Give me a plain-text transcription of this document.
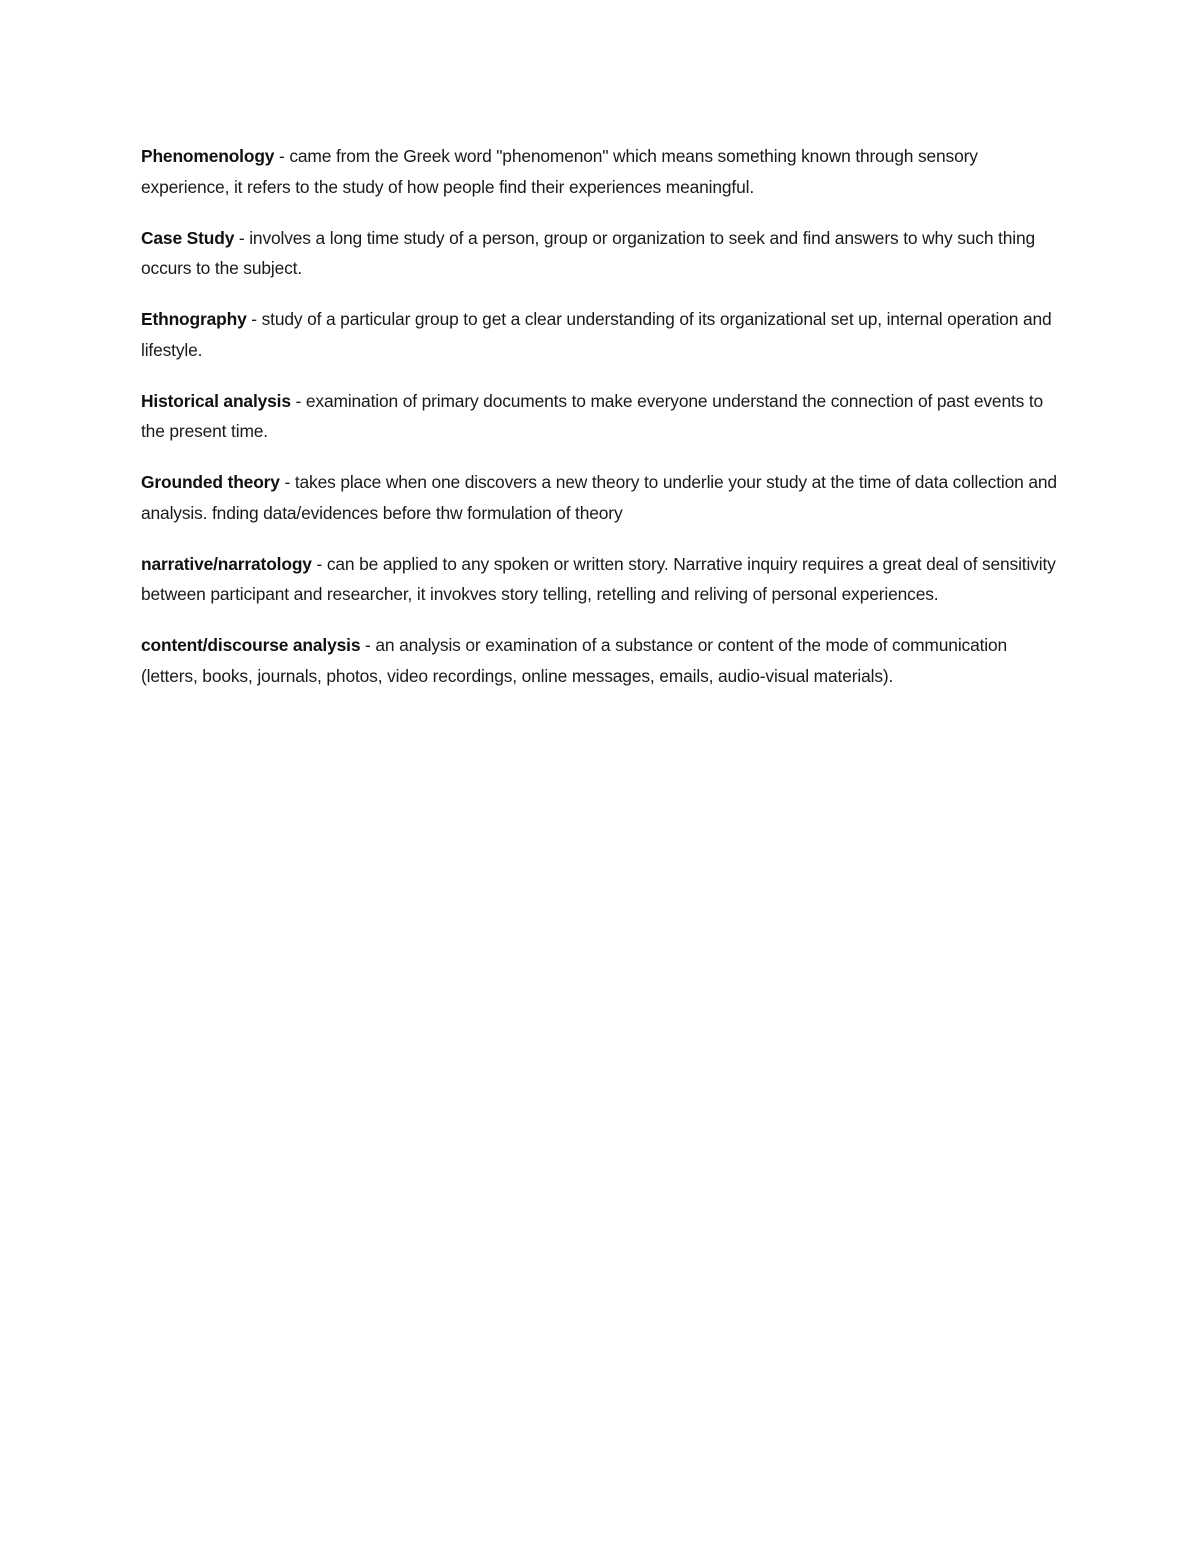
Phenomenology - came from the Greek word "phenomenon" which means something known through sensory experience, it refers to the study of how people find their experiences meaningful.

Case Study - involves a long time study of a person, group or organization to seek and find answers to why such thing occurs to the subject.

Ethnography - study of a particular group to get a clear understanding of its organizational set up, internal operation and lifestyle.

Historical analysis - examination of primary documents to make everyone understand the connection of past events to the present time.

Grounded theory - takes place when one discovers a new theory to underlie your study at the time of data collection and analysis. fnding data/evidences before thw formulation of theory

narrative/narratology - can be applied to any spoken or written story. Narrative inquiry requires a great deal of sensitivity between participant and researcher, it invokves story telling, retelling and reliving of personal experiences.

content/discourse analysis - an analysis or examination of a substance or content of the mode of communication (letters, books, journals, photos, video recordings, online messages, emails, audio-visual materials).
